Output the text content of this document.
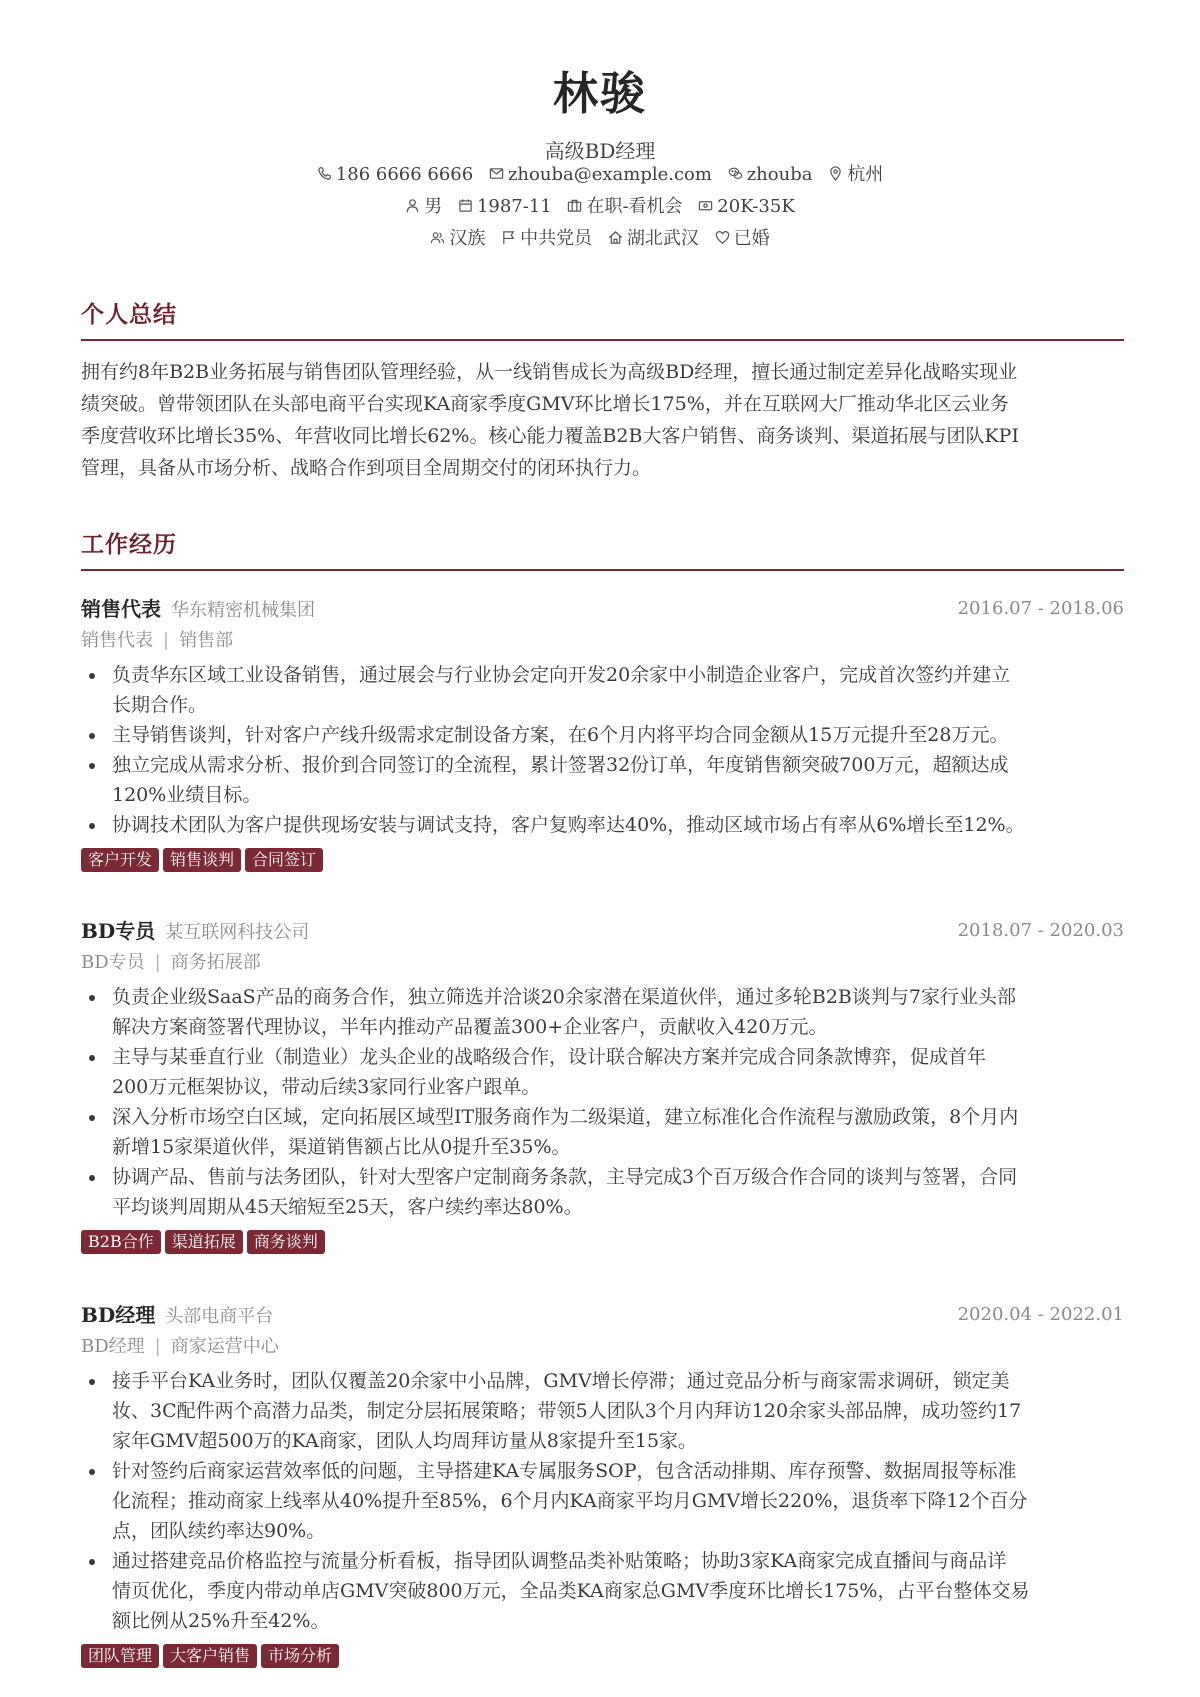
林骏
高级BD经理
186 6666 6666 zhouba@example.com zhouba 杭州
男 1987-11 在职-看机会 20K-35K
汉族 中共党员 湖北武汉 已婚
个人总结
拥有约8年B2B业务拓展与销售团队管理经验，从一线销售成长为高级BD经理，擅长通过制定差异化战略实现业
绩突破。曾带领团队在头部电商平台实现KA商家季度GMV环比增长175%，并在互联网大厂推动华北区云业务
季度营收环比增长35%、年营收同比增长62%。核心能力覆盖B2B大客户销售、商务谈判、渠道拓展与团队KPI
管理，具备从市场分析、战略合作到项目全周期交付的闭环执行力。
工作经历
销售代表 华东精密机械集团	2016.07 - 2018.06
销售代表 | 销售部
负责华东区域工业设备销售，通过展会与行业协会定向开发20余家中小制造企业客户，完成首次签约并建立
长期合作。
主导销售谈判，针对客户产线升级需求定制设备方案，在6个月内将平均合同金额从15万元提升至28万元。
独立完成从需求分析、报价到合同签订的全流程，累计签署32份订单，年度销售额突破700万元，超额达成
120%业绩目标。
协调技术团队为客户提供现场安装与调试支持，客户复购率达40%，推动区域市场占有率从6%增长至12%。
客户开发 销售谈判 合同签订
BD专员 某互联网科技公司	2018.07 - 2020.03
BD专员 | 商务拓展部
负责企业级SaaS产品的商务合作，独立筛选并洽谈20余家潜在渠道伙伴，通过多轮B2B谈判与7家行业头部
解决方案商签署代理协议，半年内推动产品覆盖300+企业客户，贡献收入420万元。
主导与某垂直行业（制造业）龙头企业的战略级合作，设计联合解决方案并完成合同条款博弈，促成首年
200万元框架协议，带动后续3家同行业客户跟单。
深入分析市场空白区域，定向拓展区域型IT服务商作为二级渠道，建立标准化合作流程与激励政策，8个月内
新增15家渠道伙伴，渠道销售额占比从0提升至35%。
协调产品、售前与法务团队，针对大型客户定制商务条款，主导完成3个百万级合作合同的谈判与签署，合同
平均谈判周期从45天缩短至25天，客户续约率达80%。
B2B合作 渠道拓展 商务谈判
BD经理 头部电商平台	2020.04 - 2022.01
BD经理 | 商家运营中心
接手平台KA业务时，团队仅覆盖20余家中小品牌，GMV增长停滞；通过竞品分析与商家需求调研，锁定美
妆、3C配件两个高潜力品类，制定分层拓展策略；带领5人团队3个月内拜访120余家头部品牌，成功签约17
家年GMV超500万的KA商家，团队人均周拜访量从8家提升至15家。
针对签约后商家运营效率低的问题，主导搭建KA专属服务SOP，包含活动排期、库存预警、数据周报等标准
化流程；推动商家上线率从40%提升至85%，6个月内KA商家平均月GMV增长220%，退货率下降12个百分
点，团队续约率达90%。
通过搭建竞品价格监控与流量分析看板，指导团队调整品类补贴策略；协助3家KA商家完成直播间与商品详
情页优化，季度内带动单店GMV突破800万元，全品类KA商家总GMV季度环比增长175%，占平台整体交易
额比例从25%升至42%。
团队管理 大客户销售 市场分析
